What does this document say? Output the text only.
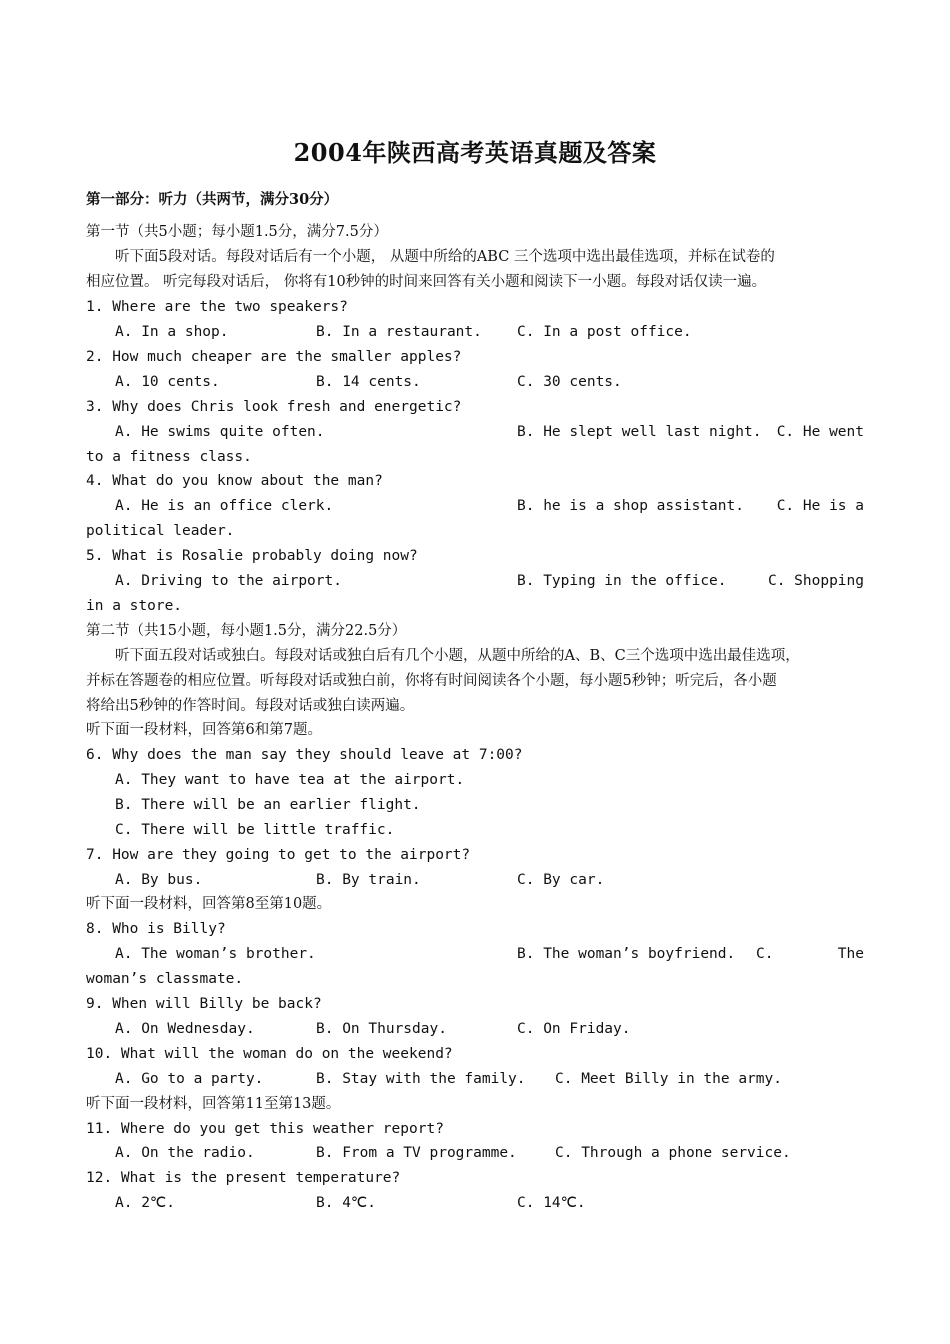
2004年陕西高考英语真题及答案
第一部分：听力（共两节，满分30分）
第一节（共5小题；每小题1.5分，满分7.5分）
听下面5段对话。每段对话后有一个小题， 从题中所给的ABC 三个选项中选出最佳选项，并标在试卷的
相应位置。 听完每段对话后， 你将有10秒钟的时间来回答有关小题和阅读下一小题。每段对话仅读一遍。
1. Where are the two speakers?
A. In a shop.	B. In a restaurant. C. In a post office.
2. How much cheaper are the smaller apples?
A. 10 cents.	B. 14 cents.	C. 30 cents.
3. Why does Chris look fresh and energetic?
A. He swims quite often.	B. He slept well last night. C. He went
to a fitness class.
4. What do you know about the man?
A. He is an office clerk.	B. he is a shop assistant. C. He is a
political leader.
5. What is Rosalie probably doing now?
A. Driving to the airport.	B. Typing in the office.	C. Shopping
in a store.
第二节（共15小题，每小题1.5分，满分22.5分）
听下面五段对话或独白。每段对话或独白后有几个小题，从题中所给的A、B、C三个选项中选出最佳选项，
并标在答题卷的相应位置。听每段对话或独白前，你将有时间阅读各个小题，每小题5秒钟；听完后，各小题
将给出5秒钟的作答时间。每段对话或独白读两遍。
听下面一段材料，回答第6和第7题。
6. Why does the man say they should leave at 7:00?
A. They want to have tea at the airport.
B. There will be an earlier flight.
C. There will be little traffic.
7. How are they going to get to the airport?
A. By bus.	B. By train.	C. By car.
听下面一段材料，回答第8至第10题。
8. Who is Billy?
A. The woman’s brother.	B. The woman’s boyfriend. C.	The
woman’s classmate.
9. When will Billy be back?
A. On Wednesday.	B. On Thursday.	C. On Friday.
10. What will the woman do on the weekend?
A. Go to a party.	B. Stay with the family. C. Meet Billy in the army.
听下面一段材料，回答第11至第13题。
11. Where do you get this weather report?
A. On the radio.	B. From a TV programme.	C. Through a phone service.
12. What is the present temperature?
A. 2℃.	B. 4℃.	C. 14℃.
